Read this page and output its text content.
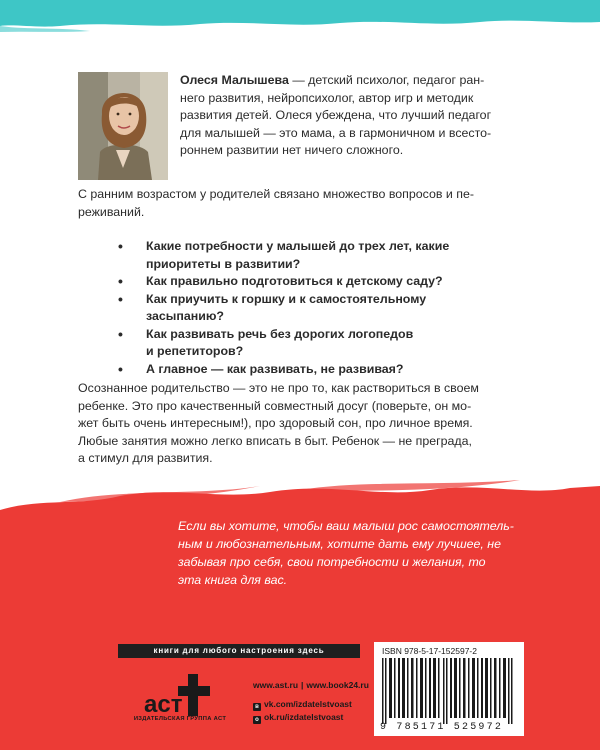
Олеся Малышева — детский психолог, педагог ран-
него развития, нейропсихолог, автор игр и методик
развития детей. Олеся убеждена, что лучший педагог
для малышей — это мама, а в гармоничном и всесто-
роннем развитии нет ничего сложного.
С ранним возрастом у родителей связано множество вопросов и пе-
реживаний.
• Какие потребности у малышей до трех лет, какие
приоритеты в развитии?
• Как правильно подготовиться к детскому саду?
• Как приучить к горшку и к самостоятельному
засыпанию?
• Как развивать речь без дорогих логопедов
и репетиторов?
• А главное — как развивать, не развивая?
Осознанное родительство — это не про то, как раствориться в своем
ребенке. Это про качественный совместный досуг (поверьте, он мо-
жет быть очень интересным!), про здоровый сон, про личное время.
Любые занятия можно легко вписать в быт. Ребенок — не преграда,
а стимул для развития.
Если вы хотите, чтобы ваш малыш рос самостоятель-
ным и любознательным, хотите дать ему лучшее, не
забывая про себя, свои потребности и желания, то
эта книга для вас.
книги для любого настроения здесь
аст
ИЗДАТЕЛЬСКАЯ ГРУППА АСТ
www.ast.ru | www.book24.ru
в vk.com/izdatelstvoast
о ok.ru/izdatelstvoast
ISBN 978-5-17-152597-2
9 785171 525972
